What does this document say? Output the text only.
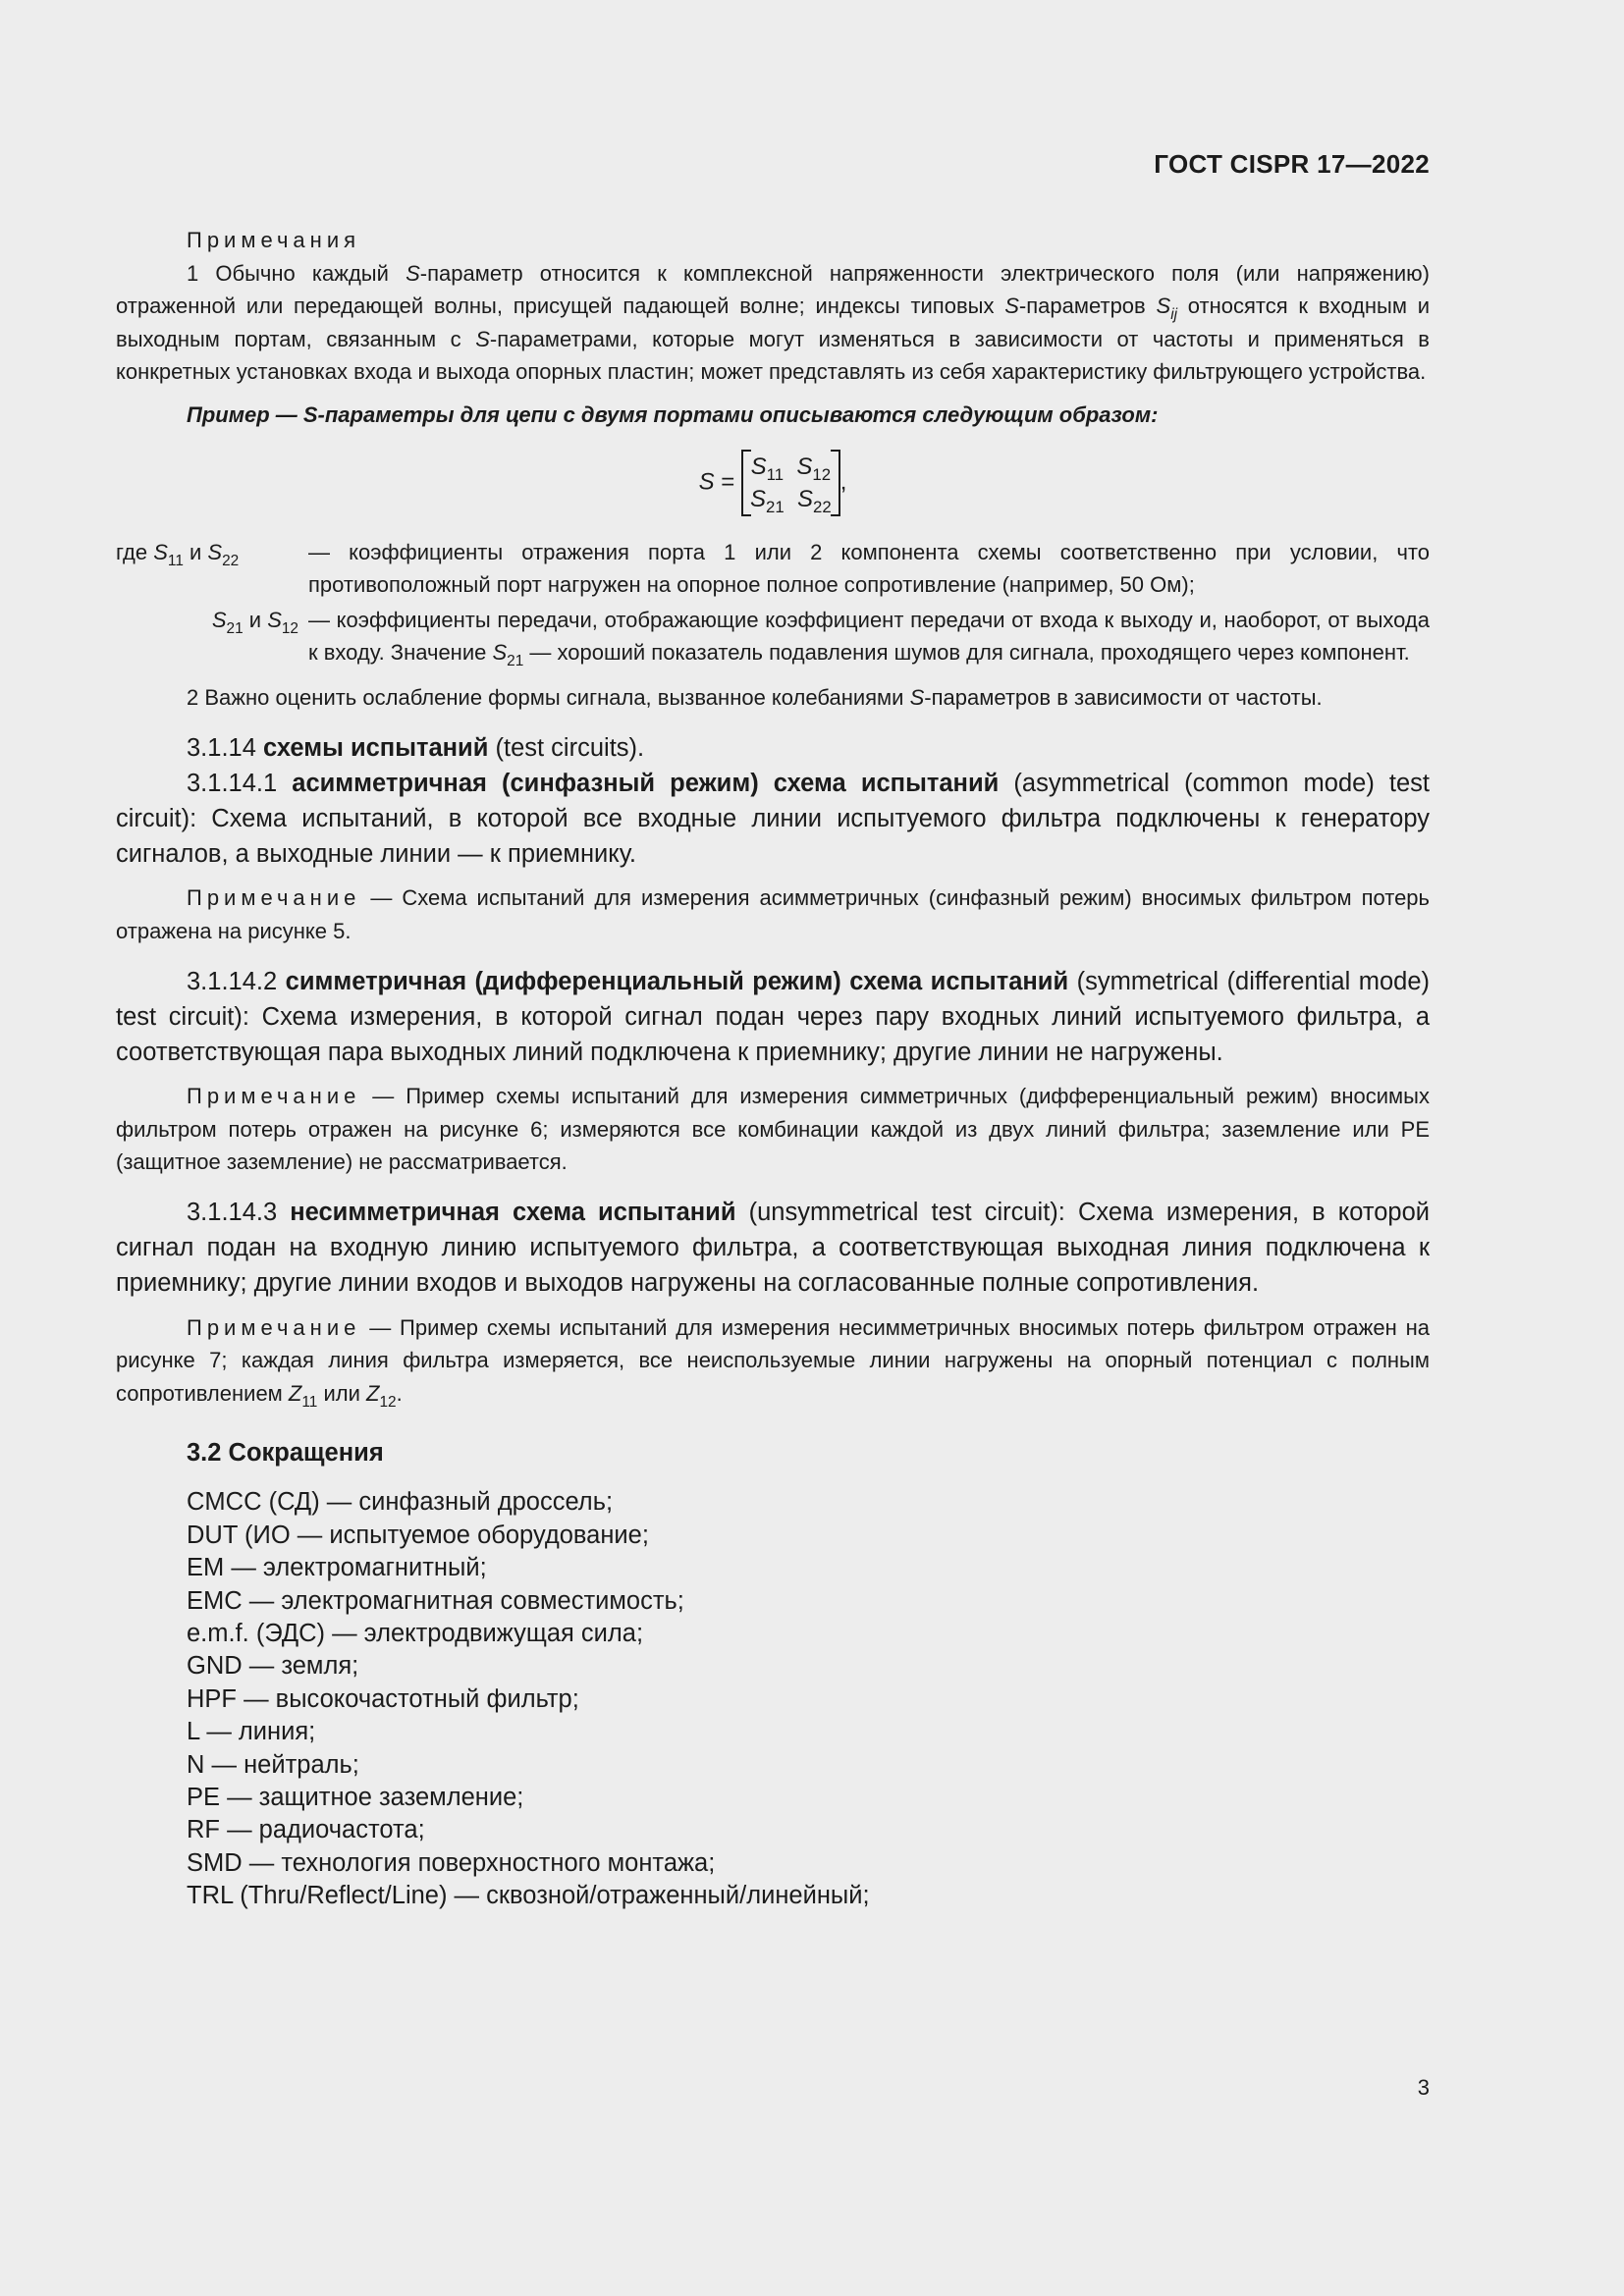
ГОСТ CISPR 17—2022

Примечания

1 Обычно каждый S-параметр относится к комплексной напряженности электрического поля (или напряжению) отраженной или передающей волны, присущей падающей волне; индексы типовых S-параметров $S_{ij}$ относятся к входным и выходным портам, связанным с S-параметрами, которые могут изменяться в зависимости от частоты и применяться в конкретных установках входа и выхода опорных пластин; может представлять из себя характеристику фильтрующего устройства.

Пример — S-параметры для цепи с двумя портами описываются следующим образом:

$S = S_{11}$ $S_{12}$
$S_{21}$ $S_{22}$,
где $S_{11}$ и $S_{22}$	— коэффициенты отражения порта 1 или 2 компонента схемы соответственно при условии, что противоположный порт нагружен на опорное полное сопротивление (например, 50 Ом);
$S_{21}$ и $S_{12}$ — коэффициенты передачи, отображающие коэффициент передачи от входа к выходу и, наоборот, от выхода к входу. Значение $S_{21}$ — хороший показатель подавления шумов для сигнала, проходящего через компонент.

2 Важно оценить ослабление формы сигнала, вызванное колебаниями S-параметров в зависимости от частоты.

3.1.14 схемы испытаний (test circuits).

3.1.14.1 асимметричная (синфазный режим) схема испытаний (asymmetrical (common mode) test circuit): Схема испытаний, в которой все входные линии испытуемого фильтра подключены к генератору сигналов, а выходные линии — к приемнику.

Примечание — Схема испытаний для измерения асимметричных (синфазный режим) вносимых фильтром потерь отражена на рисунке 5.

3.1.14.2 симметричная (дифференциальный режим) схема испытаний (symmetrical (differential mode) test circuit): Схема измерения, в которой сигнал подан через пару входных линий испытуемого фильтра, а соответствующая пара выходных линий подключена к приемнику; другие линии не нагружены.

Примечание — Пример схемы испытаний для измерения симметричных (дифференциальный режим) вносимых фильтром потерь отражен на рисунке 6; измеряются все комбинации каждой из двух линий фильтра; заземление или PE (защитное заземление) не рассматривается.

3.1.14.3 несимметричная схема испытаний (unsymmetrical test circuit): Схема измерения, в которой сигнал подан на входную линию испытуемого фильтра, а соответствующая выходная линия подключена к приемнику; другие линии входов и выходов нагружены на согласованные полные сопротивления.

Примечание — Пример схемы испытаний для измерения несимметричных вносимых потерь фильтром отражен на рисунке 7; каждая линия фильтра измеряется, все неиспользуемые линии нагружены на опорный потенциал с полным сопротивлением $Z_{11}$ или $Z_{12}$.

3.2 Сокращения
CMCC (СД) — синфазный дроссель;
DUT (ИО — испытуемое оборудование;
EM — электромагнитный;
EMC — электромагнитная совместимость;
e.m.f. (ЭДС) — электродвижущая сила;
GND — земля;
HPF — высокочастотный фильтр;
L — линия;
N — нейтраль;
PE — защитное заземление;
RF — радиочастота;
SMD — технология поверхностного монтажа;
TRL (Thru/Reflect/Line) — сквозной/отраженный/линейный;
3
